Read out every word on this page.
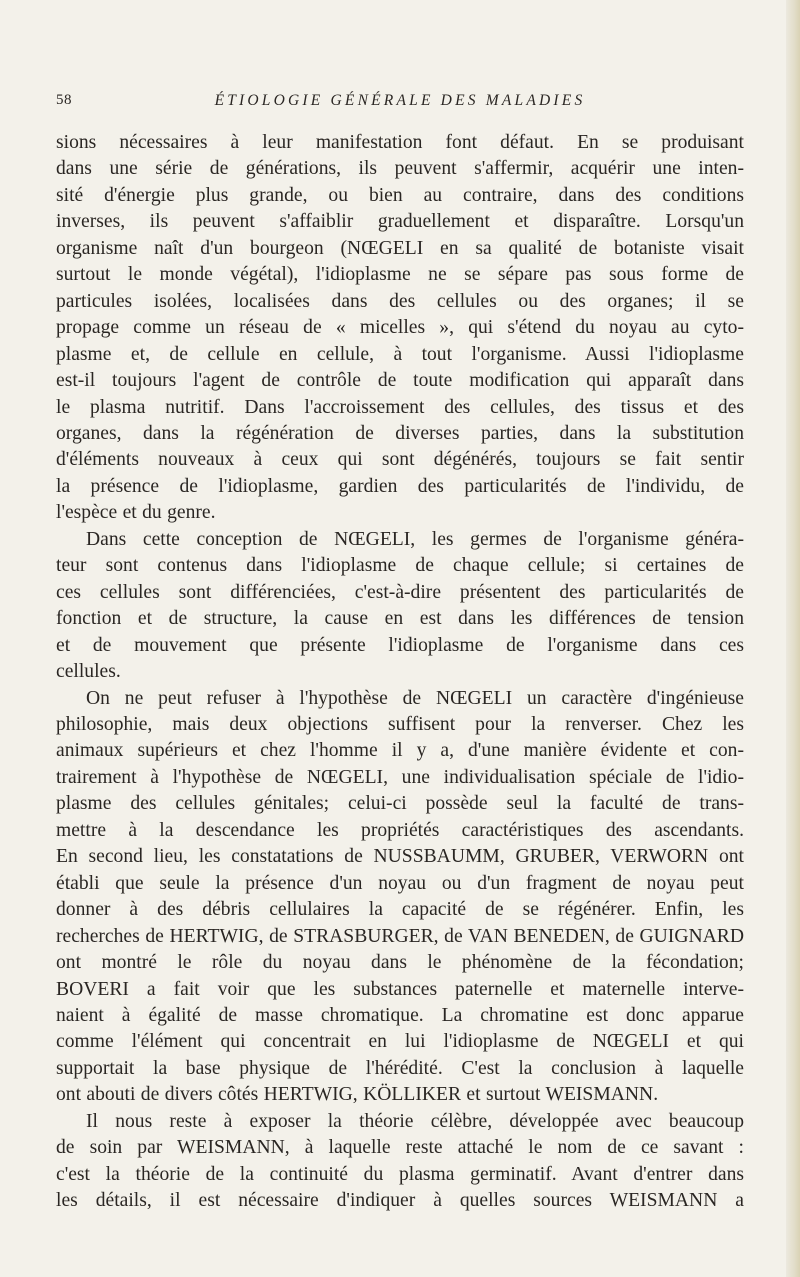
58	ÉTIOLOGIE GÉNÉRALE DES MALADIES
sions nécessaires à leur manifestation font défaut. En se produisant
dans une série de générations, ils peuvent s'affermir, acquérir une inten-
sité d'énergie plus grande, ou bien au contraire, dans des conditions
inverses, ils peuvent s'affaiblir graduellement et disparaître. Lorsqu'un
organisme naît d'un bourgeon (NŒGELI en sa qualité de botaniste visait
surtout le monde végétal), l'idioplasme ne se sépare pas sous forme de
particules isolées, localisées dans des cellules ou des organes; il se
propage comme un réseau de « micelles », qui s'étend du noyau au cyto-
plasme et, de cellule en cellule, à tout l'organisme. Aussi l'idioplasme
est-il toujours l'agent de contrôle de toute modification qui apparaît dans
le plasma nutritif. Dans l'accroissement des cellules, des tissus et des
organes, dans la régénération de diverses parties, dans la substitution
d'éléments nouveaux à ceux qui sont dégénérés, toujours se fait sentir
la présence de l'idioplasme, gardien des particularités de l'individu, de
l'espèce et du genre.
Dans cette conception de NŒGELI, les germes de l'organisme généra-
teur sont contenus dans l'idioplasme de chaque cellule; si certaines de
ces cellules sont différenciées, c'est-à-dire présentent des particularités de
fonction et de structure, la cause en est dans les différences de tension
et de mouvement que présente l'idioplasme de l'organisme dans ces
cellules.
On ne peut refuser à l'hypothèse de NŒGELI un caractère d'ingénieuse
philosophie, mais deux objections suffisent pour la renverser. Chez les
animaux supérieurs et chez l'homme il y a, d'une manière évidente et con-
trairement à l'hypothèse de NŒGELI, une individualisation spéciale de l'idio-
plasme des cellules génitales; celui-ci possède seul la faculté de trans-
mettre à la descendance les propriétés caractéristiques des ascendants.
En second lieu, les constatations de NUSSBAUMM, GRUBER, VERWORN ont
établi que seule la présence d'un noyau ou d'un fragment de noyau peut
donner à des débris cellulaires la capacité de se régénérer. Enfin, les
recherches de HERTWIG, de STRASBURGER, de VAN BENEDEN, de GUIGNARD
ont montré le rôle du noyau dans le phénomène de la fécondation;
BOVERI a fait voir que les substances paternelle et maternelle interve-
naient à égalité de masse chromatique. La chromatine est donc apparue
comme l'élément qui concentrait en lui l'idioplasme de NŒGELI et qui
supportait la base physique de l'hérédité. C'est la conclusion à laquelle
ont abouti de divers côtés HERTWIG, KÖLLIKER et surtout WEISMANN.
Il nous reste à exposer la théorie célèbre, développée avec beaucoup
de soin par WEISMANN, à laquelle reste attaché le nom de ce savant :
c'est la théorie de la continuité du plasma germinatif. Avant d'entrer dans
les détails, il est nécessaire d'indiquer à quelles sources WEISMANN a
